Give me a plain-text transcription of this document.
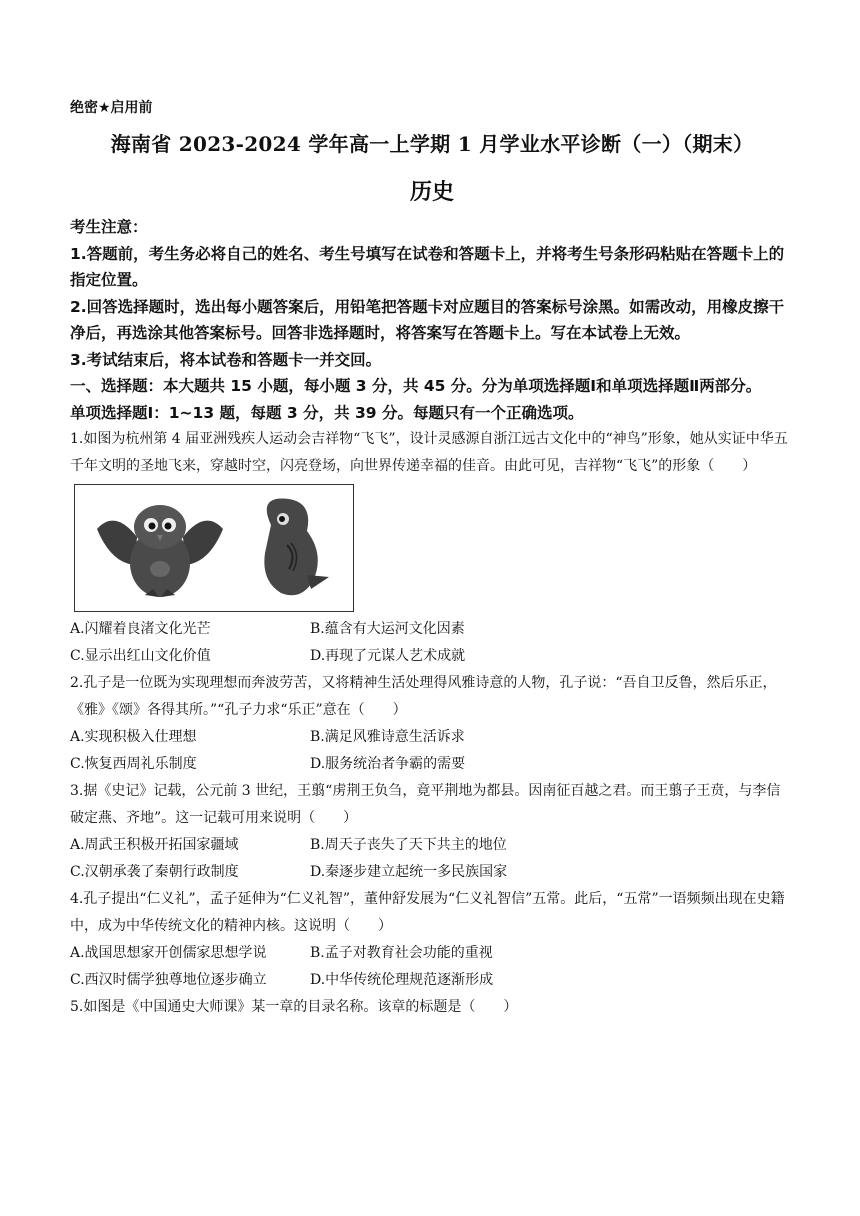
绝密★启用前
海南省 2023-2024 学年高一上学期 1 月学业水平诊断（一）（期末）
历史
考生注意：
1.答题前，考生务必将自己的姓名、考生号填写在试卷和答题卡上，并将考生号条形码粘贴在答题卡上的指定位置。
2.回答选择题时，选出每小题答案后，用铅笔把答题卡对应题目的答案标号涂黑。如需改动，用橡皮擦干净后，再选涂其他答案标号。回答非选择题时，将答案写在答题卡上。写在本试卷上无效。
3.考试结束后，将本试卷和答题卡一并交回。
一、选择题：本大题共 15 小题，每小题 3 分，共 45 分。分为单项选择题Ⅰ和单项选择题Ⅱ两部分。
单项选择题Ⅰ：1~13 题，每题 3 分，共 39 分。每题只有一个正确选项。
1.如图为杭州第 4 届亚洲残疾人运动会吉祥物“飞飞”，设计灵感源自浙江远古文化中的“神鸟”形象，她从实证中华五千年文明的圣地飞来，穿越时空，闪亮登场，向世界传递幸福的佳音。由此可见，吉祥物“飞飞”的形象（　　）
A.闪耀着良渚文化光芒	B.蕴含有大运河文化因素
C.显示出红山文化价值	D.再现了元谋人艺术成就
2.孔子是一位既为实现理想而奔波劳苦，又将精神生活处理得风雅诗意的人物，孔子说：“吾自卫反鲁，然后乐正，《雅》《颂》各得其所。”“孔子力求“乐正”意在（　　）
A.实现积极入仕理想	B.满足风雅诗意生活诉求
C.恢复西周礼乐制度	D.服务统治者争霸的需要
3.据《史记》记载，公元前 3 世纪，王翦“虏荆王负刍，竟平荆地为都县。因南征百越之君。而王翦子王贲，与李信破定燕、齐地”。这一记载可用来说明（　　）
A.周武王积极开拓国家疆域	B.周天子丧失了天下共主的地位
C.汉朝承袭了秦朝行政制度	D.秦逐步建立起统一多民族国家
4.孔子提出“仁义礼”，孟子延伸为“仁义礼智”，董仲舒发展为“仁义礼智信”五常。此后，“五常”一语频频出现在史籍中，成为中华传统文化的精神内核。这说明（　　）
A.战国思想家开创儒家思想学说	B.孟子对教育社会功能的重视
C.西汉时儒学独尊地位逐步确立	D.中华传统伦理规范逐渐形成
5.如图是《中国通史大师课》某一章的目录名称。该章的标题是（　　）
